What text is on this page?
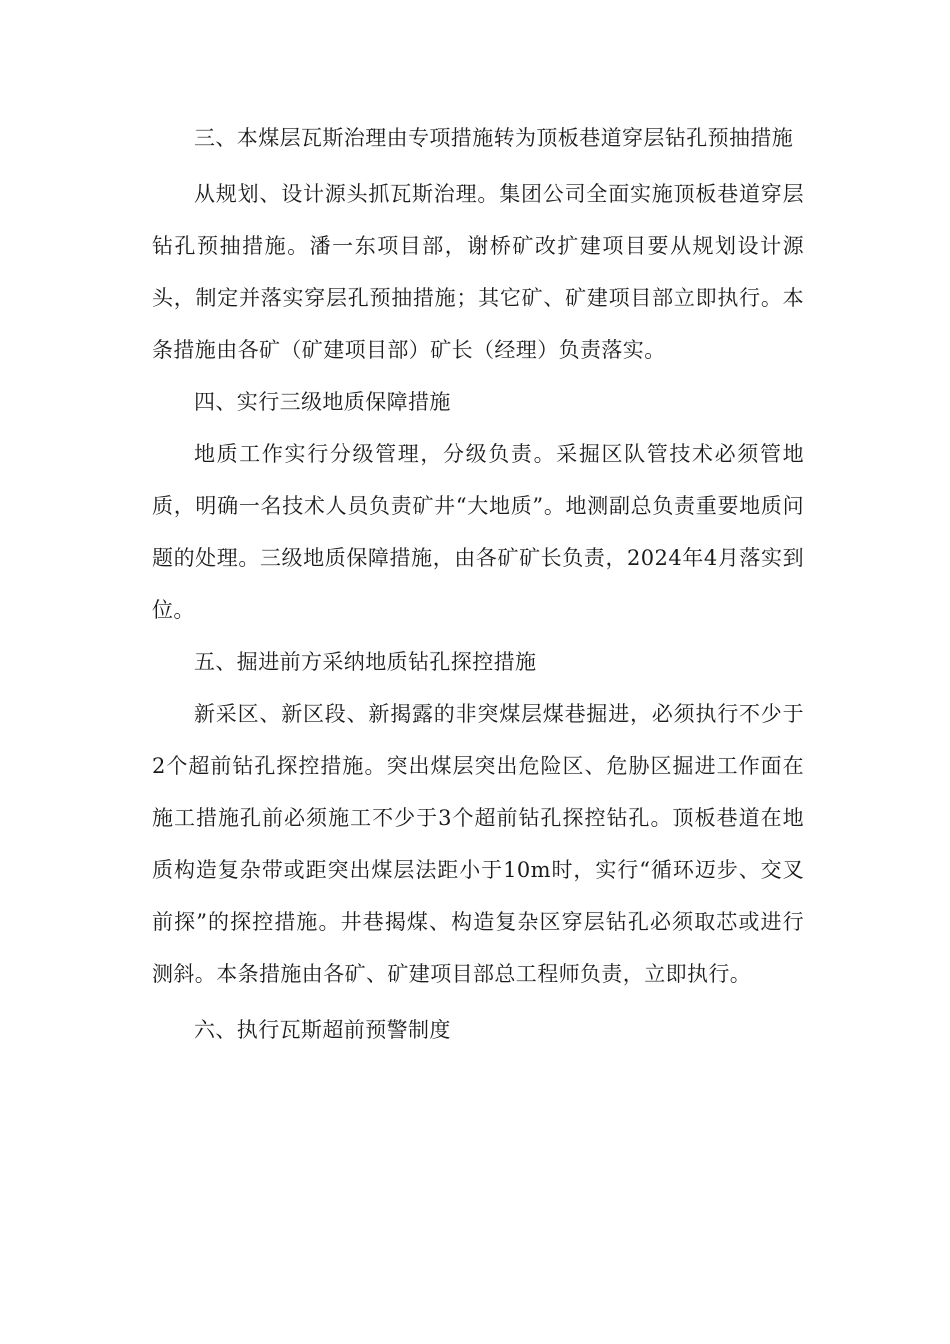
三、本煤层瓦斯治理由专项措施转为顶板巷道穿层钻孔预抽措施

从规划、设计源头抓瓦斯治理。集团公司全面实施顶板巷道穿层钻孔预抽措施。潘一东项目部，谢桥矿改扩建项目要从规划设计源头，制定并落实穿层孔预抽措施；其它矿、矿建项目部立即执行。本条措施由各矿（矿建项目部）矿长（经理）负责落实。

四、实行三级地质保障措施

地质工作实行分级管理，分级负责。采掘区队管技术必须管地质，明确一名技术人员负责矿井“大地质”。地测副总负责重要地质问题的处理。三级地质保障措施，由各矿矿长负责，2024年4月落实到位。

五、掘进前方采纳地质钻孔探控措施

新采区、新区段、新揭露的非突煤层煤巷掘进，必须执行不少于2个超前钻孔探控措施。突出煤层突出危险区、危胁区掘进工作面在施工措施孔前必须施工不少于3个超前钻孔探控钻孔。顶板巷道在地质构造复杂带或距突出煤层法距小于10m时，实行“循环迈步、交叉前探”的探控措施。井巷揭煤、构造复杂区穿层钻孔必须取芯或进行测斜。本条措施由各矿、矿建项目部总工程师负责，立即执行。

六、执行瓦斯超前预警制度
